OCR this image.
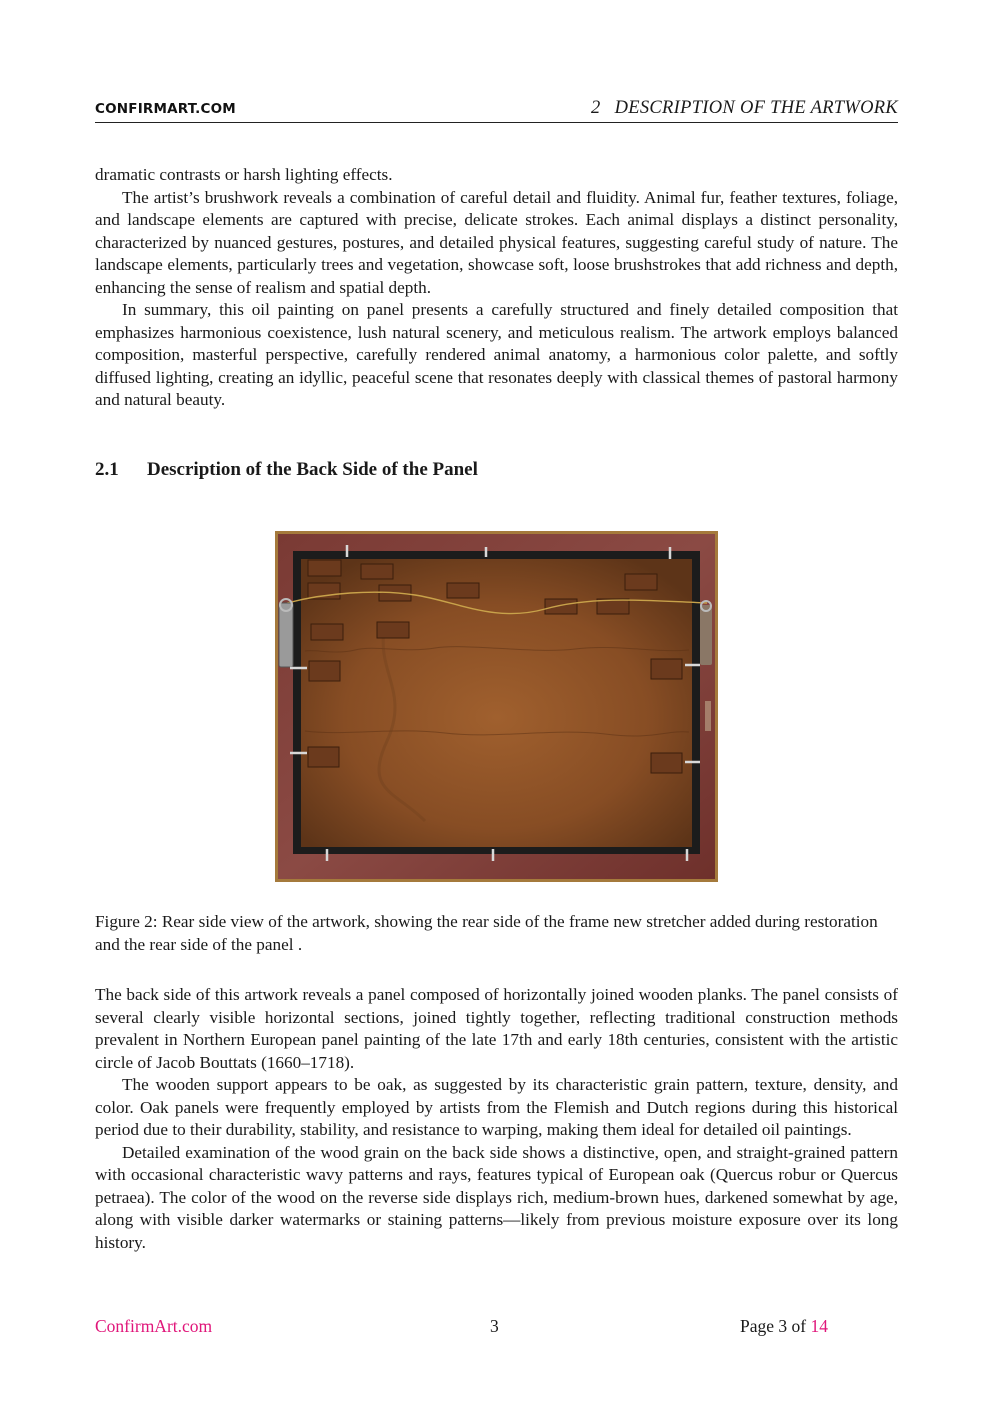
CONFIRMART.COM	2 DESCRIPTION OF THE ARTWORK

dramatic contrasts or harsh lighting effects.

The artist’s brushwork reveals a combination of careful detail and fluidity. Animal fur, feather textures, foliage, and landscape elements are captured with precise, delicate strokes. Each animal displays a distinct personality, characterized by nuanced gestures, postures, and detailed physical features, suggesting careful study of nature. The landscape elements, particularly trees and vegetation, showcase soft, loose brushstrokes that add richness and depth, enhancing the sense of realism and spatial depth.

In summary, this oil painting on panel presents a carefully structured and finely detailed composition that emphasizes harmonious coexistence, lush natural scenery, and meticulous realism. The artwork employs balanced composition, masterful perspective, carefully rendered animal anatomy, a harmonious color palette, and softly diffused lighting, creating an idyllic, peaceful scene that resonates deeply with classical themes of pastoral harmony and natural beauty.

2.1 Description of the Back Side of the Panel
Figure 2: Rear side view of the artwork, showing the rear side of the frame new stretcher added during restoration and the rear side of the panel .

The back side of this artwork reveals a panel composed of horizontally joined wooden planks. The panel consists of several clearly visible horizontal sections, joined tightly together, reflecting traditional construction methods prevalent in Northern European panel painting of the late 17th and early 18th centuries, consistent with the artistic circle of Jacob Bouttats (1660–1718).

The wooden support appears to be oak, as suggested by its characteristic grain pattern, texture, density, and color. Oak panels were frequently employed by artists from the Flemish and Dutch regions during this historical period due to their durability, stability, and resistance to warping, making them ideal for detailed oil paintings.

Detailed examination of the wood grain on the back side shows a distinctive, open, and straight-grained pattern with occasional characteristic wavy patterns and rays, features typical of European oak (Quercus robur or Quercus petraea). The color of the wood on the reverse side displays rich, medium-brown hues, darkened somewhat by age, along with visible darker watermarks or staining patterns—likely from previous moisture exposure over its long history.

ConfirmArt.com	3	Page 3 of 14
